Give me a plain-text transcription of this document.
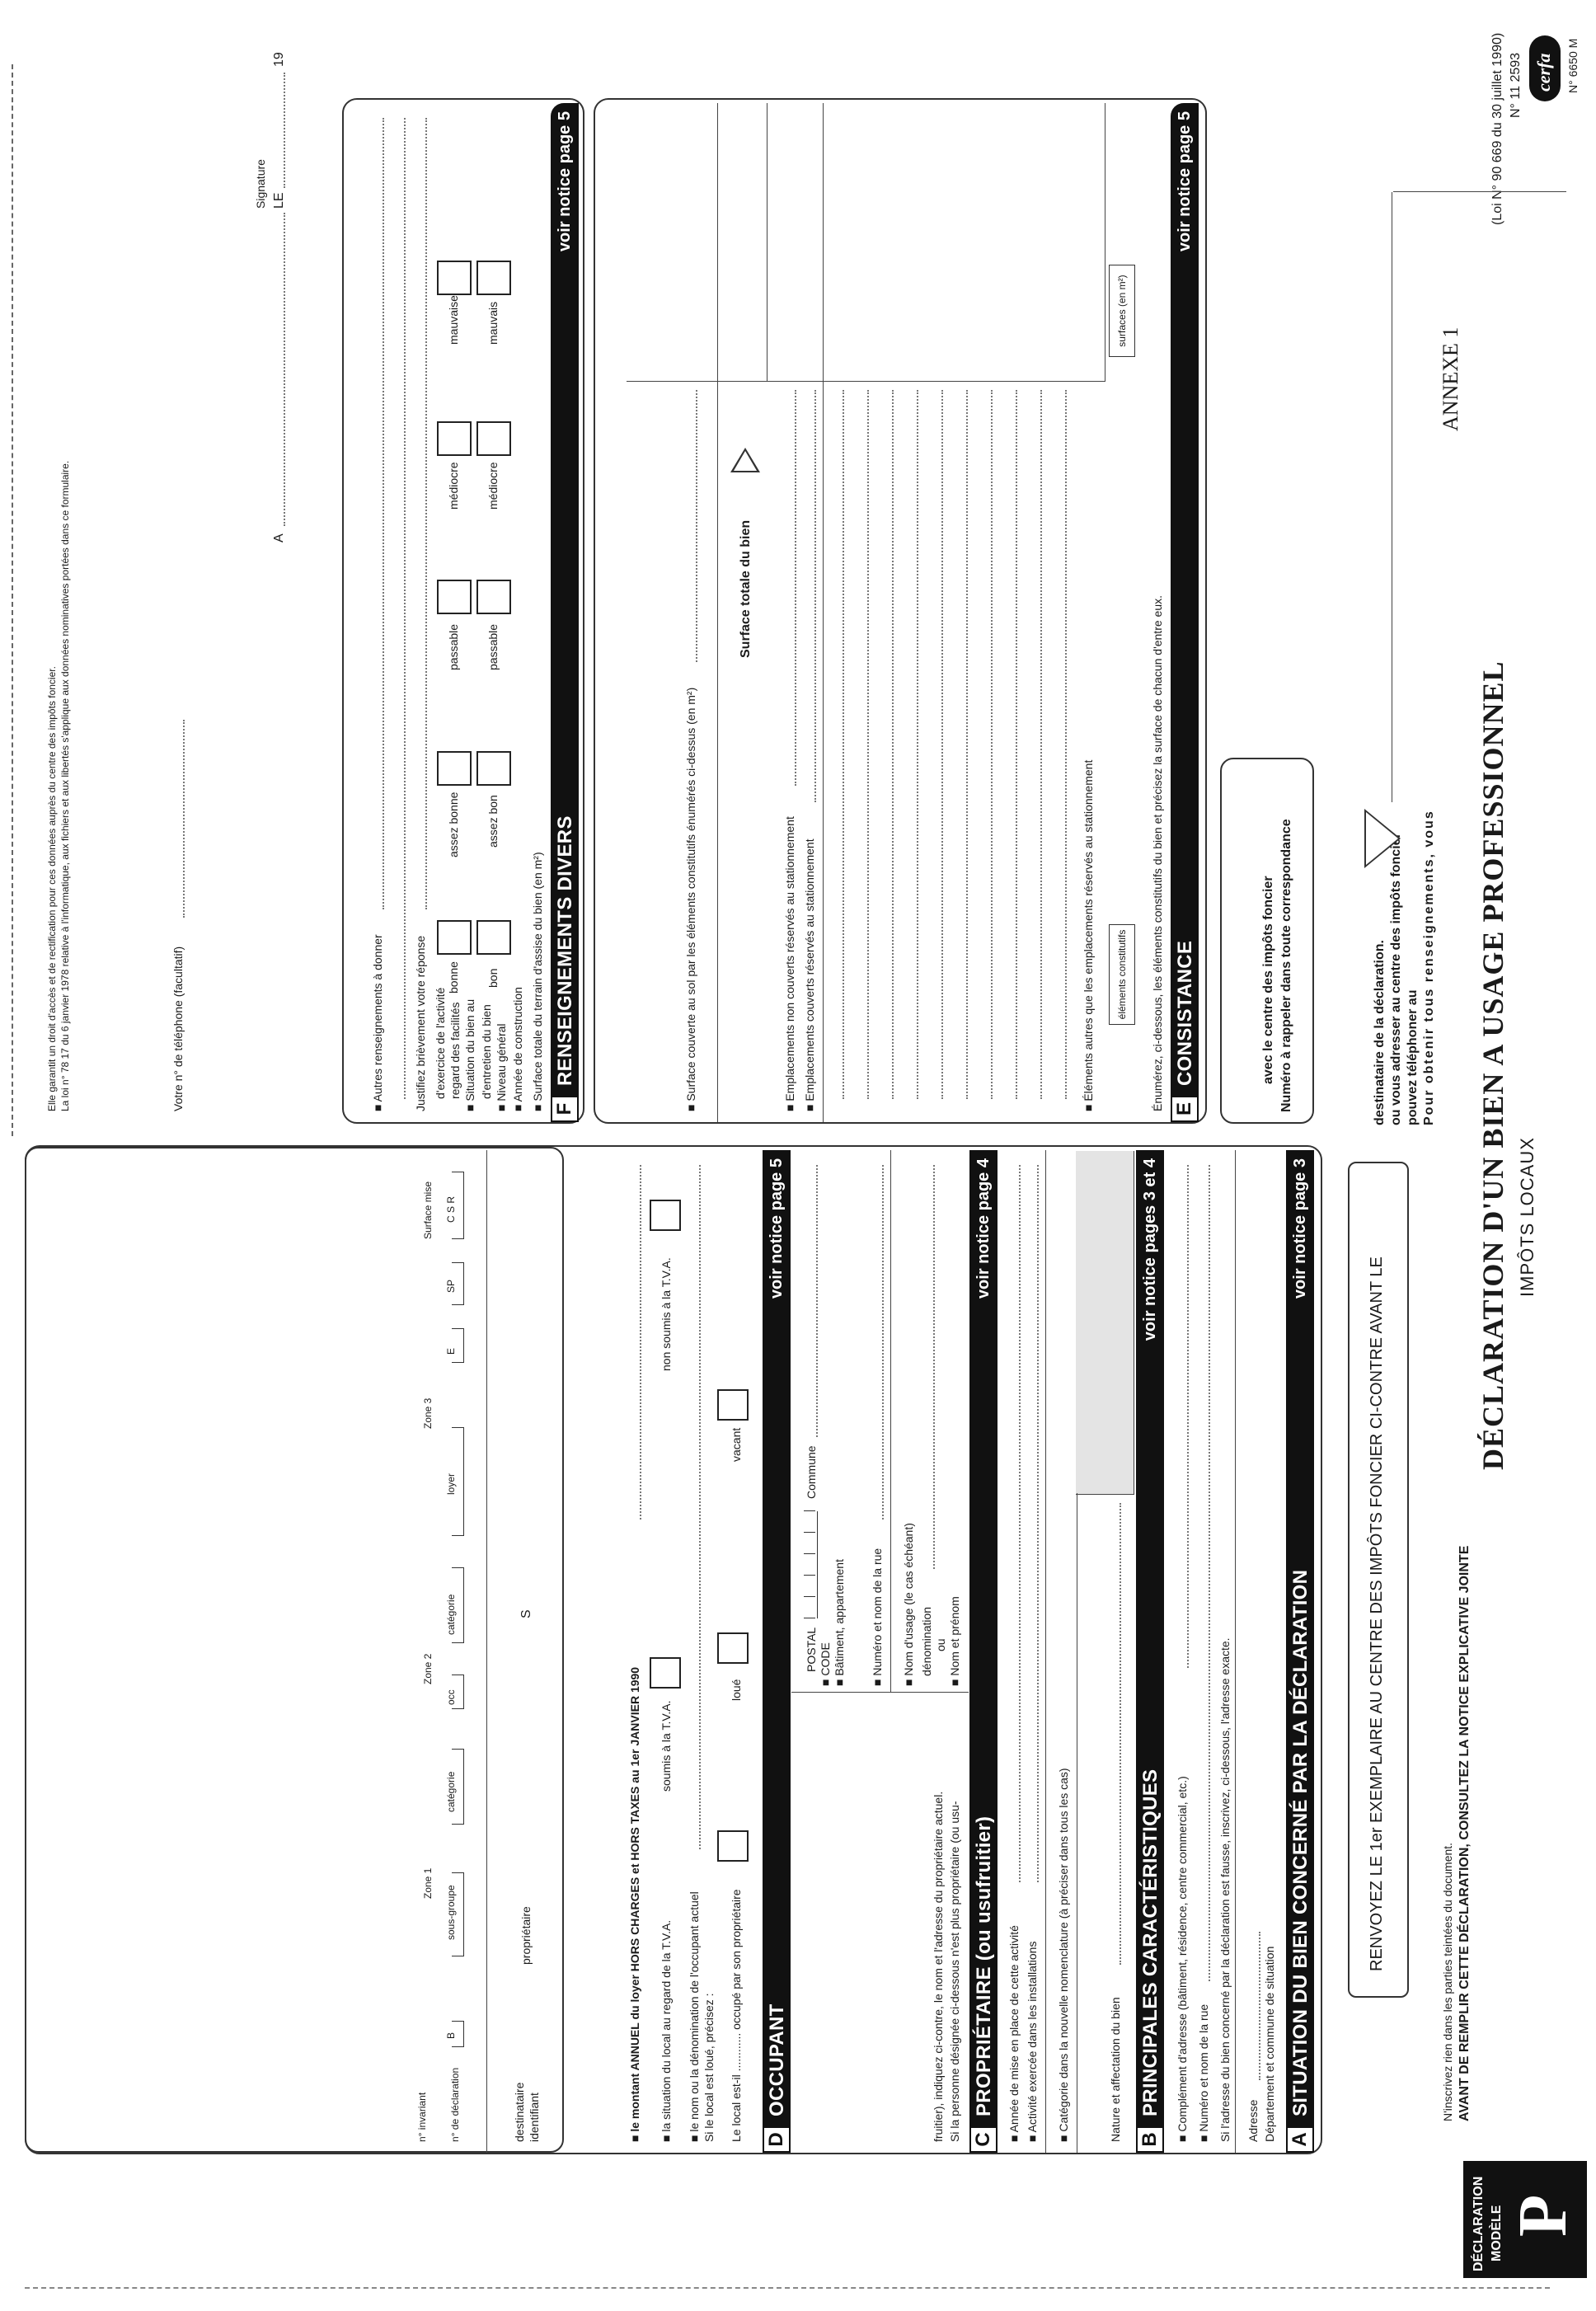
DÉCLARATION MODÈLE P
IMPÔTS LOCAUX
DÉCLARATION D'UN BIEN A USAGE PROFESSIONNEL
ANNEXE 1
N° 6650 M
cerfa
N° 11 2593
(Loi N° 90 669 du 30 juillet 1990)
AVANT DE REMPLIR CETTE DÉCLARATION, CONSULTEZ LA NOTICE EXPLICATIVE JOINTE
N'inscrivez rien dans les parties teintées du document.
RENVOYEZ LE 1er EXEMPLAIRE AU CENTRE DES IMPÔTS FONCIER CI-CONTRE AVANT LE
Pour obtenir tous renseignements, vous
pouvez téléphoner au
ou vous adresser au centre des impôts foncier
destinataire de la déclaration.
Numéro à rappeler dans toute correspondance
avec le centre des impôts foncier
A
SITUATION DU BIEN CONCERNÉ PAR LA DÉCLARATION
voir notice page 3
Département et commune de situation
Adresse
Si l'adresse du bien concerné par la déclaration est fausse, inscrivez, ci-dessous, l'adresse exacte.
■ Numéro et nom de la rue
■ Complément d'adresse (bâtiment, résidence, centre commercial, etc.)
B
PRINCIPALES CARACTÉRISTIQUES
voir notice pages 3 et 4
Nature et affectation du bien
■ Catégorie dans la nouvelle nomenclature (à préciser dans tous les cas)
■ Activité exercée dans les installations
■ Année de mise en place de cette activité
C
PROPRIÉTAIRE (ou usufruitier)
voir notice page 4
Si la personne désignée ci-dessous n'est plus propriétaire (ou usu-
fruitier), indiquez ci-contre, le nom et l'adresse du propriétaire actuel.
■ Nom et prénom
ou
dénomination
■ Nom d'usage (le cas échéant)
■ Numéro et nom de la rue
■ Bâtiment, appartement
■ CODE
POSTAL
Commune
D
OCCUPANT
voir notice page 5
Le local est-il ............ occupé par son propriétaire
loué
vacant
Si le local est loué, précisez :
■ le nom ou la dénomination de l'occupant actuel
■ la situation du local au regard de la T.V.A.
soumis à la T.V.A.
non soumis à la T.V.A.
■ le montant ANNUEL du loyer HORS CHARGES et HORS TAXES au 1er JANVIER 1990
identifiant
destinataire
propriétaire
S
n° de déclaration
n° invariant
B
sous-groupe
catégorie
Zone 1
occ
catégorie
Zone 2
loyer
Zone 3
E
SP
C S R
Surface mise
E
CONSISTANCE
voir notice page 5
Énumérez, ci-dessous, les éléments constitutifs du bien et précisez la surface de chacun d'entre eux.
éléments constitutifs
surfaces (en m²)
■ Éléments autres que les emplacements réservés au stationnement
■ Emplacements couverts réservés au stationnement
■ Emplacements non couverts réservés au stationnement
Surface totale du bien
■ Surface couverte au sol par les éléments constitutifs énumérés ci-dessus (en m²)
F
RENSEIGNEMENTS DIVERS
voir notice page 5
■ Surface totale du terrain d'assise du bien (en m²)
■ Année de construction
■ Niveau général
d'entretien du bien
■ Situation du bien au
regard des facilités
d'exercice de l'activité
bon
assez bon
passable
médiocre
mauvais
bonne
assez bonne
passable
médiocre
mauvaise
Justifiez brièvement votre réponse
■ Autres renseignements à donner
A
LE
19
Signature
Votre n° de téléphone (facultatif)
La loi n° 78 17 du 6 janvier 1978 relative à l'informatique, aux fichiers et aux libertés s'applique aux données nominatives portées dans ce formulaire.
Elle garantit un droit d'accès et de rectification pour ces données auprès du centre des impôts foncier.
